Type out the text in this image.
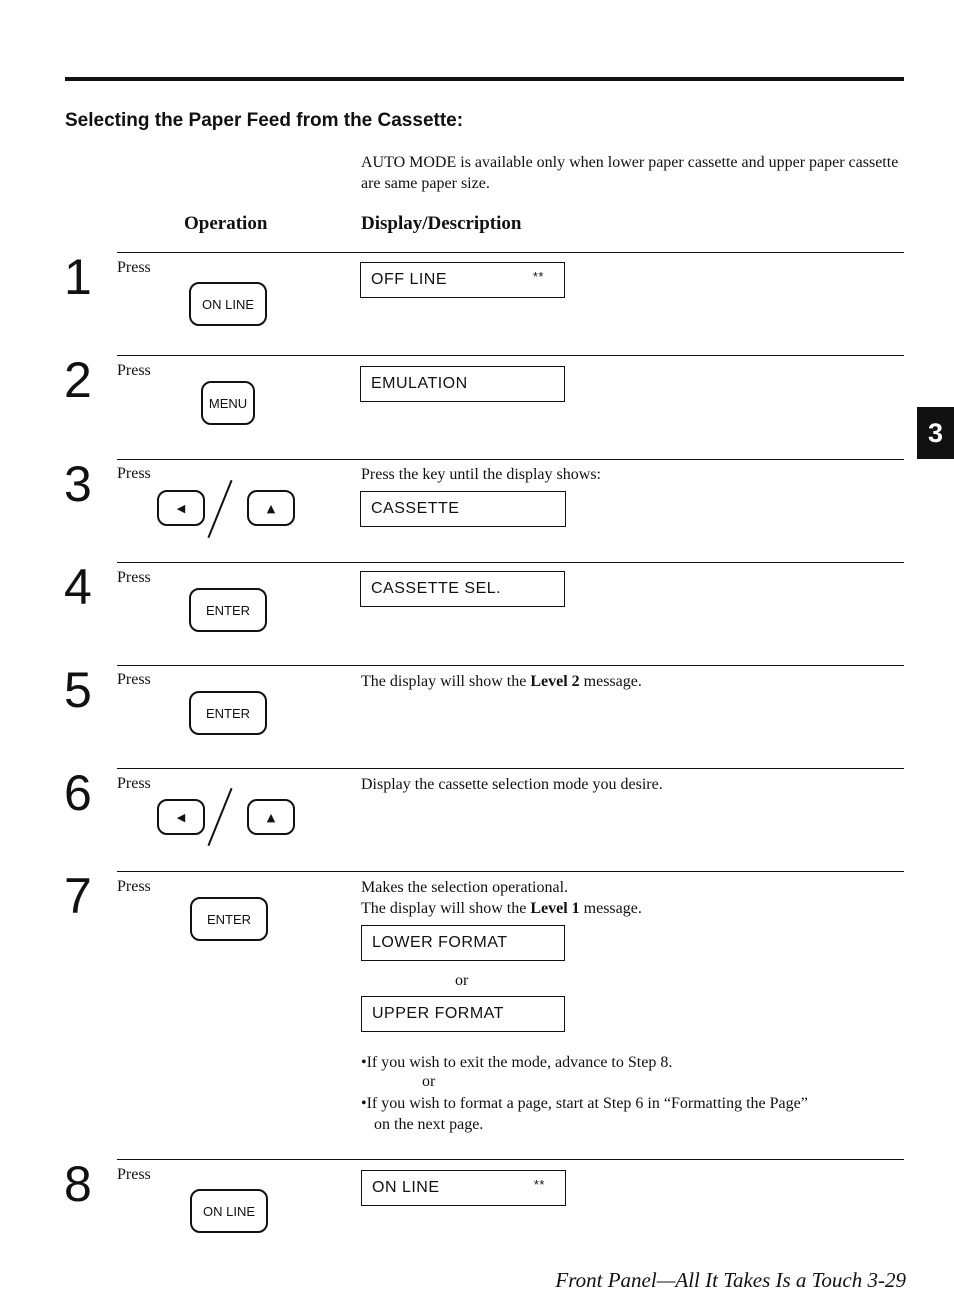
Selecting the Paper Feed from the Cassette:
AUTO MODE is available only when lower paper cassette and upper paper cassette are same paper size.
Operation	Display/Description
3
1 Press
ON LINE
OFF LINE	**
2 Press
MENU
EMULATION
3 Press
◀	▲
Press the key until the display shows:
CASSETTE
4 Press
ENTER
CASSETTE SEL.
5 Press
ENTER
The display will show the Level 2 message.
6 Press
◀	▲
Display the cassette selection mode you desire.
7 Press
ENTER
Makes the selection operational.
The display will show the Level 1 message.
LOWER FORMAT
or
UPPER FORMAT
•If you wish to exit the mode, advance to Step 8.
or
•If you wish to format a page, start at Step 6 in “Formatting the Page”
on the next page.
8 Press
ON LINE
ON LINE	**
Front Panel—All It Takes Is a Touch 3-29
